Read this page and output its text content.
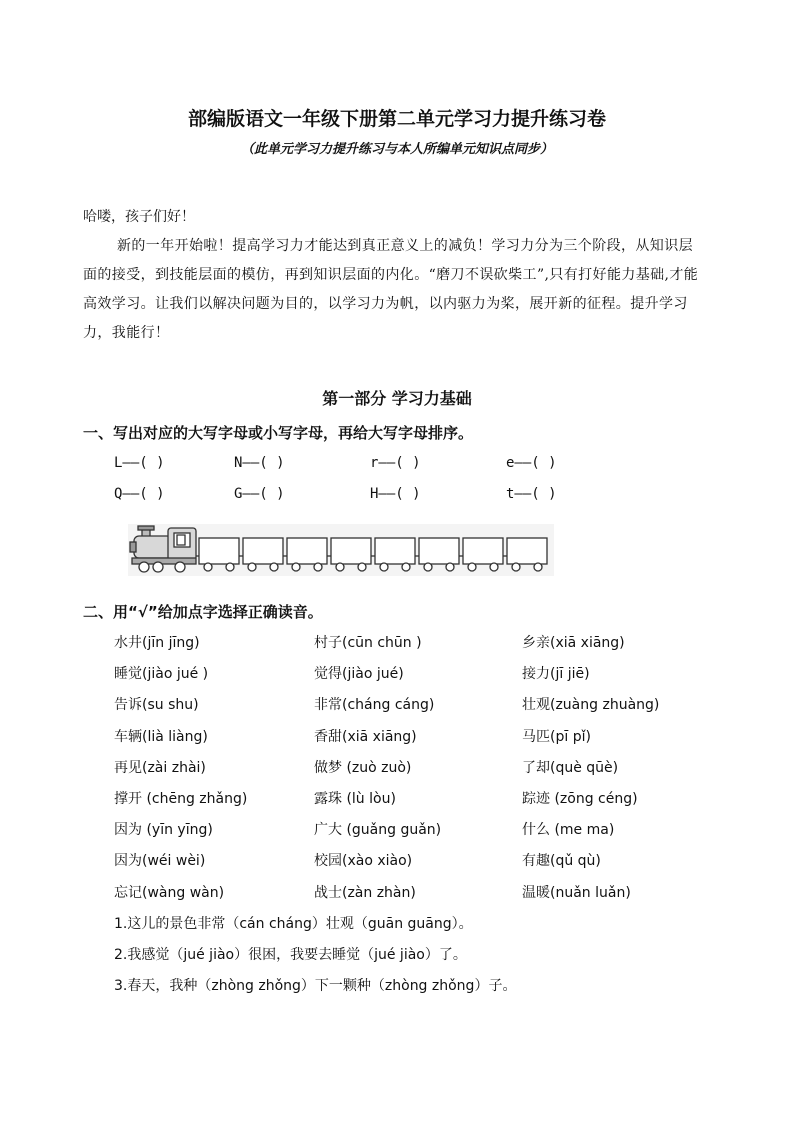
部编版语文一年级下册第二单元学习力提升练习卷
（此单元学习力提升练习与本人所编单元知识点同步）
哈喽，孩子们好！
新的一年开始啦！提高学习力才能达到真正意义上的减负！学习力分为三个阶段，从知识层面的接受，到技能层面的模仿，再到知识层面的内化。“磨刀不误砍柴工”,只有打好能力基础,才能高效学习。让我们以解决问题为目的，以学习力为帆，以内驱力为桨，展开新的征程。提升学习力，我能行！
第一部分 学习力基础
一、写出对应的大写字母或小写字母，再给大写字母排序。
L——( )	N——( )	r——( )	e——( )
Q——( )	G——( )	H——( )	t——( )
二、用“√”给加点字选择正确读音。
水井(jīn jīng)	村子(cūn chūn )	乡亲(xiā xiāng)
睡觉(jiào jué )	觉得(jiào jué)	接力(jī jiē)
告诉(su shu)	非常(cháng cáng)	壮观(zuàng zhuàng)
车辆(lià liàng)	香甜(xiā xiāng)	马匹(pī pǐ)
再见(zài zhài)	做梦 (zuò zuò)	了却(què qūè)
撑开 (chēng zhǎng)	露珠 (lù lòu)	踪迹 (zōng céng)
因为 (yīn yīng)	广大 (guǎng guǎn)	什么 (me ma)
因为(wéi wèi)	校园(xào xiào)	有趣(qǔ qù)
忘记(wàng wàn)	战士(zàn zhàn)	温暖(nuǎn luǎn)
1.这儿的景色非常（cán cháng）壮观（guān guāng）。
2.我感觉（jué jiào）很困，我要去睡觉（jué jiào）了。
3.春天，我种（zhòng zhǒng）下一颗种（zhòng zhǒng）子。
